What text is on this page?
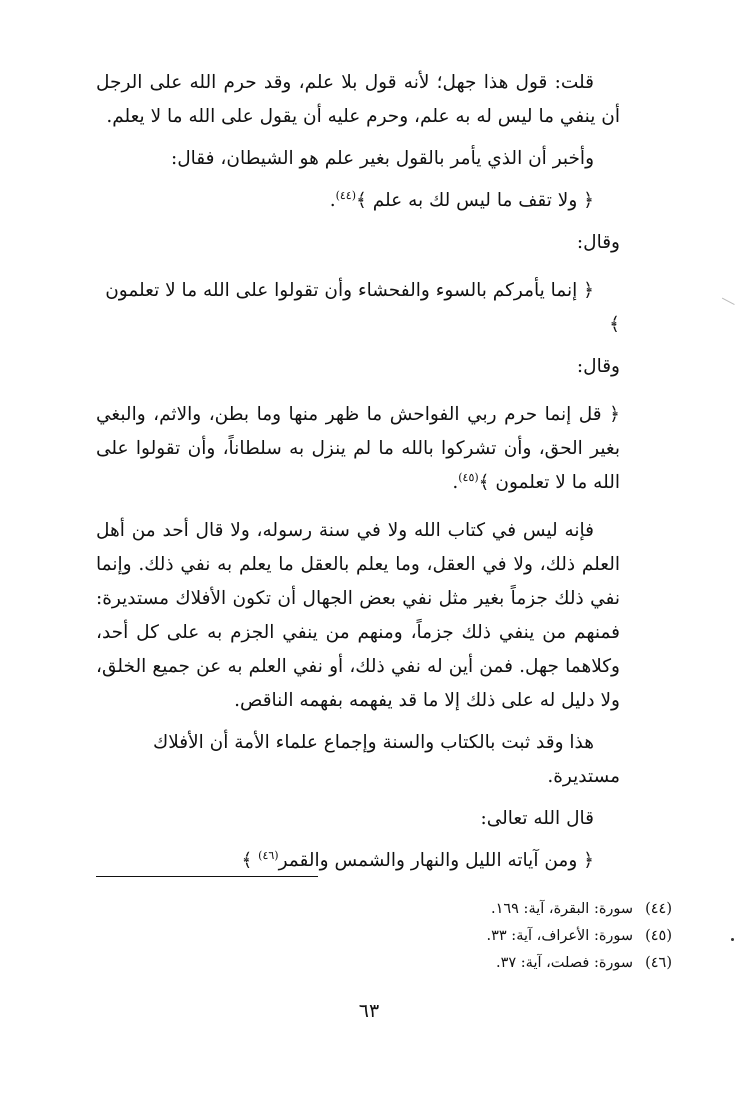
قلت: قول هذا جهل؛ لأنه قول بلا علم، وقد حرم الله على الرجل أن ينفي ما ليس له به علم، وحرم عليه أن يقول على الله ما لا يعلم.

وأخبر أن الذي يأمر بالقول بغير علم هو الشيطان، فقال:

﴿ ولا تقف ما ليس لك به علم ﴾$^{(٤٤)}$.

وقال:

﴿ إنما يأمركم بالسوء والفحشاء وأن تقولوا على الله ما لا تعلمون ﴾

وقال:

﴿ قل إنما حرم ربي الفواحش ما ظهر منها وما بطن، والاثم، والبغي بغير الحق، وأن تشركوا بالله ما لم ينزل به سلطاناً، وأن تقولوا على الله ما لا تعلمون ﴾$^{(٤٥)}$.

فإنه ليس في كتاب الله ولا في سنة رسوله، ولا قال أحد من أهل العلم ذلك، ولا في العقل، وما يعلم بالعقل ما يعلم به نفي ذلك. وإنما نفي ذلك جزماً بغير مثل نفي بعض الجهال أن تكون الأفلاك مستديرة: فمنهم من ينفي ذلك جزماً، ومنهم من ينفي الجزم به على كل أحد، وكلاهما جهل. فمن أين له نفي ذلك، أو نفي العلم به عن جميع الخلق، ولا دليل له على ذلك إلا ما قد يفهمه بفهمه الناقص.

هذا وقد ثبت بالكتاب والسنة وإجماع علماء الأمة أن الأفلاك مستديرة.

قال الله تعالى:

﴿ ومن آياته الليل والنهار والشمس والقمر$^{(٤٦)}$ ﴾

(٤٤)سورة: البقرة، آية: ١٦٩.
(٤٥)سورة: الأعراف، آية: ٣٣.
(٤٦)سورة: فصلت، آية: ٣٧.
٦٣
